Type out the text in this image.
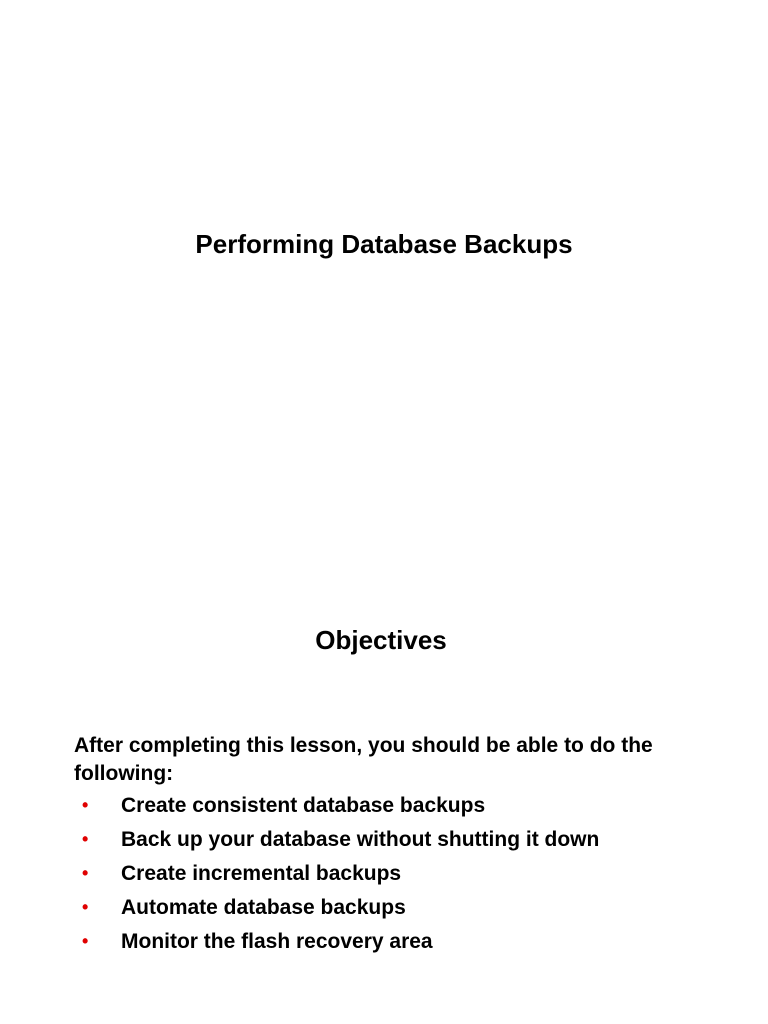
Performing Database Backups
Objectives

After completing this lesson, you should be able to do the following:

• Create consistent database backups
• Back up your database without shutting it down
• Create incremental backups
• Automate database backups
• Monitor the flash recovery area
